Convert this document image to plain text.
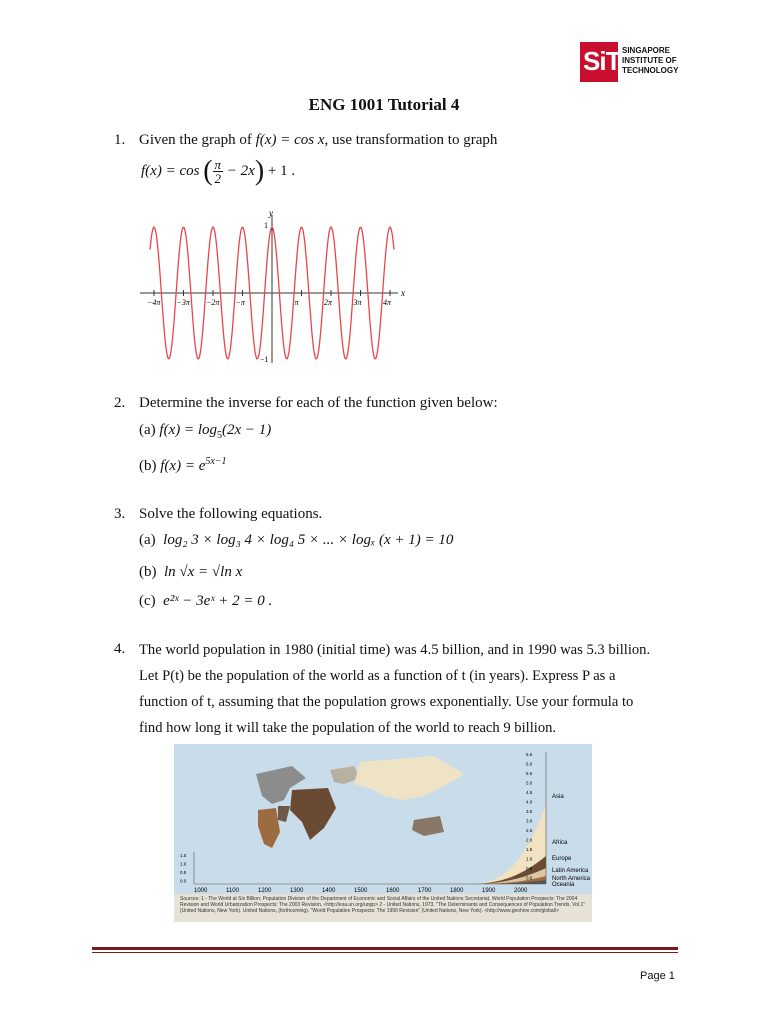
SiT SINGAPORE
INSTITUTE OF
TECHNOLOGY
ENG 1001 Tutorial 4
1. Given the graph of f(x) = cos x, use transformation to graph
f(x) = cos ( $\frac{\pi}{2} - 2x) + 1$ .
y
x
1
−1
−4π −3π −2π −π	π	2π	3π	4π
2. Determine the inverse for each of the function given below:
(a) $f(x) = \log_5(2x - 1)$
(b) $f(x) = e^{5x-1}$
3. Solve the following equations.
(a) log₂ 3 × log₃ 4 × log₄ 5 × ... × logₓ (x + 1) = 10
(b) ln √x = √ln x
(c) e²ˣ − 3eˣ + 2 = 0 .
4. The world population in 1980 (initial time) was 4.5 billion, and in 1990 was 5.3 billion.
Let P(t) be the population of the world as a function of t (in years). Express P as a
function of t, assuming that the population grows exponentially. Use your formula to
find how long it will take the population of the world to reach 9 billion.
1000	1100	1200	1300	1400	1500	1600	1700	1800	1900	2000
6.5
6.0
5.5
5.0
4.5
4.0
3.5
3.0
2.5
2.0
1.5
1.0
0.5
0.0
1.5
1.0
0.5
0.0
Asia
Africa
Europe
Latin America
North America
Oceania
Sources: 1 - The World at Six Billion; Population Division of the Department of Economic and Social Affairs of the United Nations Secretariat, World Population Prospects: The 2004 Revision and World Urbanization Prospects: The 2003 Revision, <http://esa.un.org/unpp> 2 - United Nations, 1973. "The Determinants and Consequences of Population Trends, Vol.1" (United Nations, New York). United Nations, (forthcoming). "World Population Prospects: The 1990 Revision" (United Nations, New York). <http://www.geohive.com/global/>
Page 1
